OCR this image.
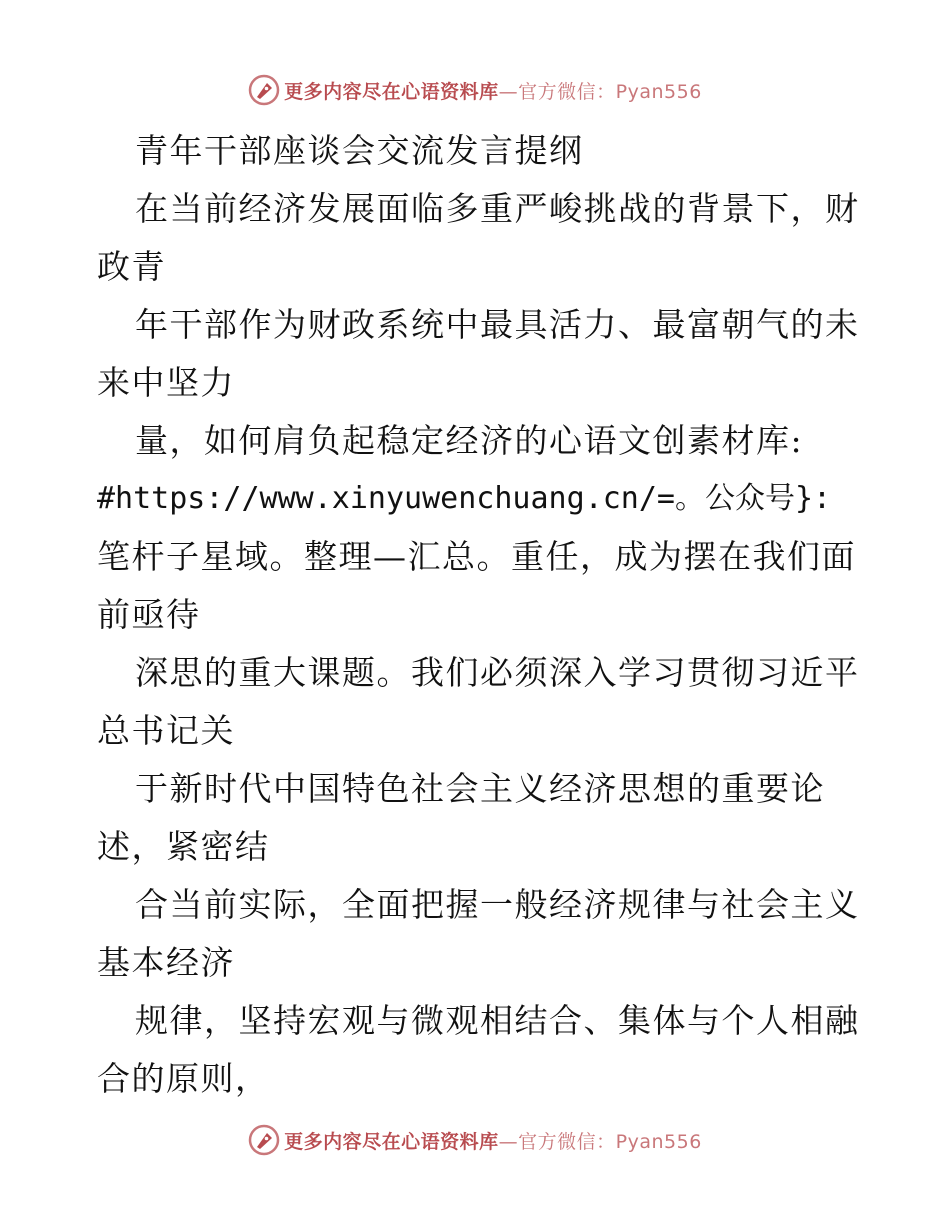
更多内容尽在心语资料库—官方微信：Pyan556
青年干部座谈会交流发言提纲
在当前经济发展面临多重严峻挑战的背景下，财
政青
年干部作为财政系统中最具活力、最富朝气的未
来中坚力
量，如何肩负起稳定经济的心语文创素材库:
#https://www.xinyuwenchuang.cn/=。公众号}:
笔杆子星域。整理—汇总。重任，成为摆在我们面
前亟待
深思的重大课题。我们必须深入学习贯彻习近平
总书记关
于新时代中国特色社会主义经济思想的重要论
述，紧密结
合当前实际，全面把握一般经济规律与社会主义
基本经济
规律，坚持宏观与微观相结合、集体与个人相融
合的原则，
更多内容尽在心语资料库—官方微信：Pyan556
